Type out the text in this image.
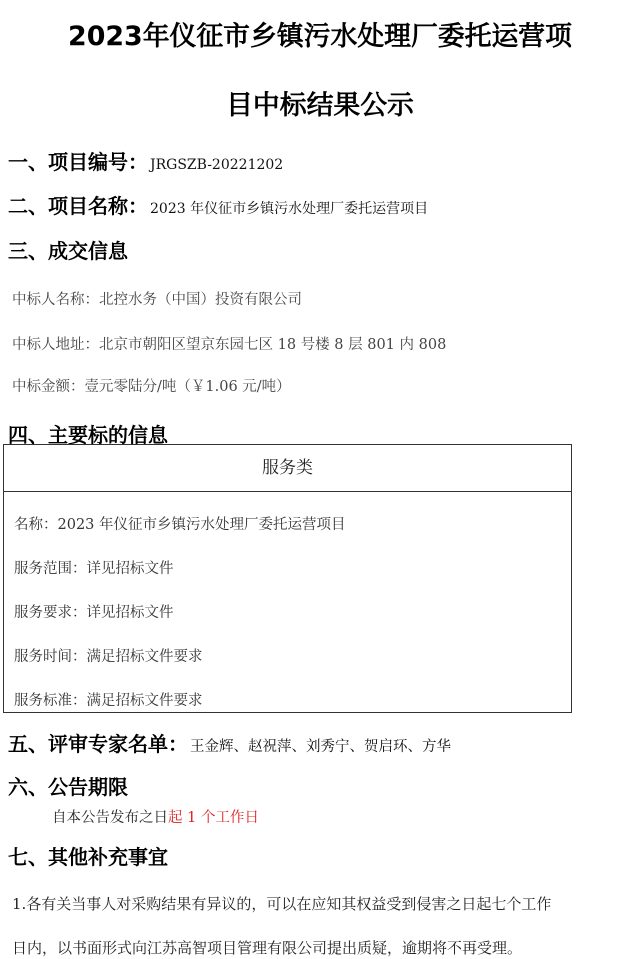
2023年仪征市乡镇污水处理厂委托运营项
目中标结果公示
一、项目编号： JRGSZB-20221202
二、项目名称： 2023 年仪征市乡镇污水处理厂委托运营项目
三、成交信息
中标人名称：北控水务（中国）投资有限公司
中标人地址：北京市朝阳区望京东园七区 18 号楼 8 层 801 内 808
中标金额：壹元零陆分/吨（￥1.06 元/吨）
四、主要标的信息
服务类
名称：2023 年仪征市乡镇污水处理厂委托运营项目
服务范围：详见招标文件
服务要求：详见招标文件
服务时间：满足招标文件要求
服务标准：满足招标文件要求
五、评审专家名单： 王金辉、赵祝萍、刘秀宁、贺启环、方华
六、公告期限
自本公告发布之日起 1 个工作日
七、其他补充事宜
1.各有关当事人对采购结果有异议的，可以在应知其权益受到侵害之日起七个工作
日内，以书面形式向江苏高智项目管理有限公司提出质疑，逾期将不再受理。
